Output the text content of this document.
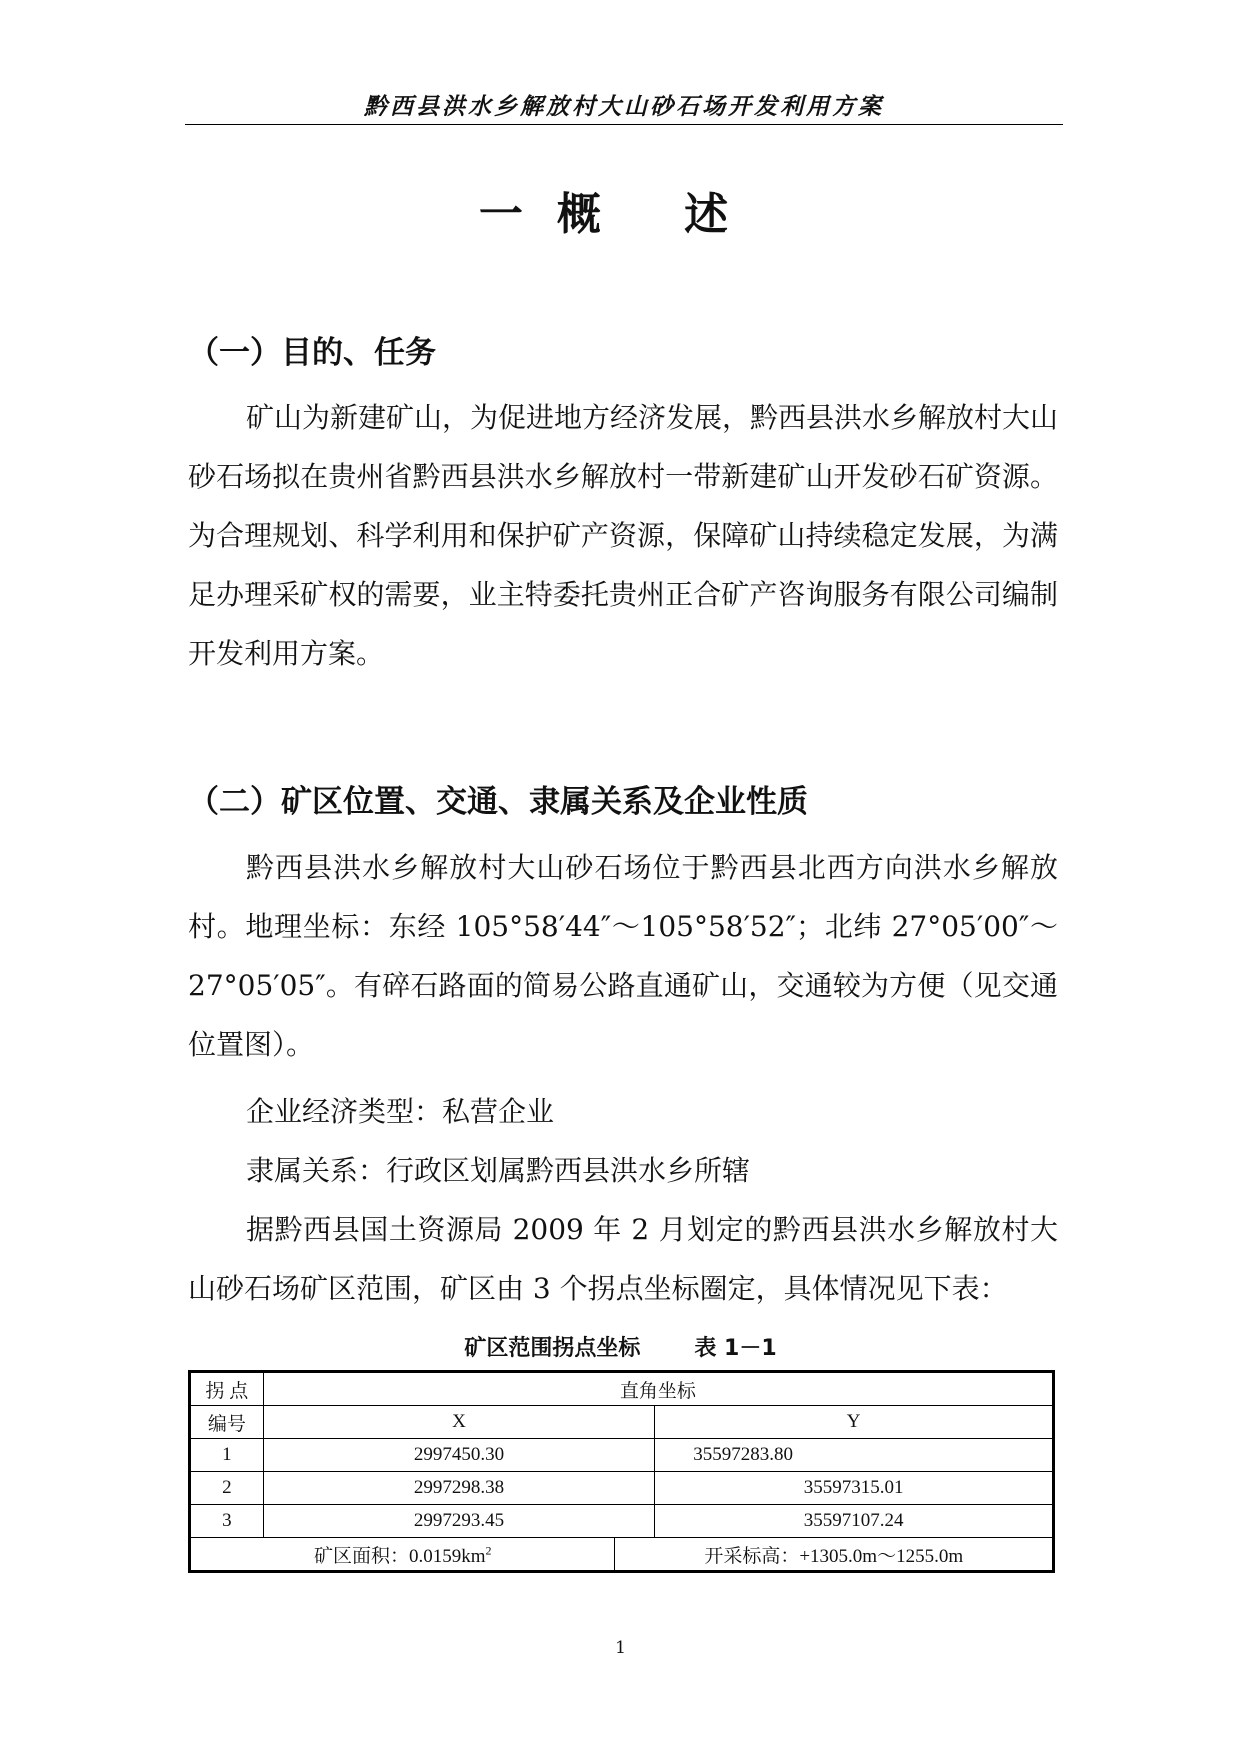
黔西县洪水乡解放村大山砂石场开发利用方案
一概 述
（一）目的、任务
矿山为新建矿山，为促进地方经济发展，黔西县洪水乡解放村大山砂石场拟在贵州省黔西县洪水乡解放村一带新建矿山开发砂石矿资源。为合理规划、科学利用和保护矿产资源，保障矿山持续稳定发展，为满足办理采矿权的需要，业主特委托贵州正合矿产咨询服务有限公司编制开发利用方案。
（二）矿区位置、交通、隶属关系及企业性质
黔西县洪水乡解放村大山砂石场位于黔西县北西方向洪水乡解放村。地理坐标：东经 105°58′44″～105°58′52″；北纬 27°05′00″～27°05′05″。有碎石路面的简易公路直通矿山，交通较为方便（见交通位置图）。
企业经济类型：私营企业
隶属关系：行政区划属黔西县洪水乡所辖
据黔西县国土资源局 2009 年 2 月划定的黔西县洪水乡解放村大山砂石场矿区范围，矿区由 3 个拐点坐标圈定，具体情况见下表：
矿区范围拐点坐标 表 1－1
拐 点	直角坐标		
编号	X		Y
1	2997450.30		35597283.80
2	2997298.38		35597315.01
3	2997293.45		35597107.24
矿区面积：$0.0159km^2$		开采标高：+1305.0m～1255.0m	
1
